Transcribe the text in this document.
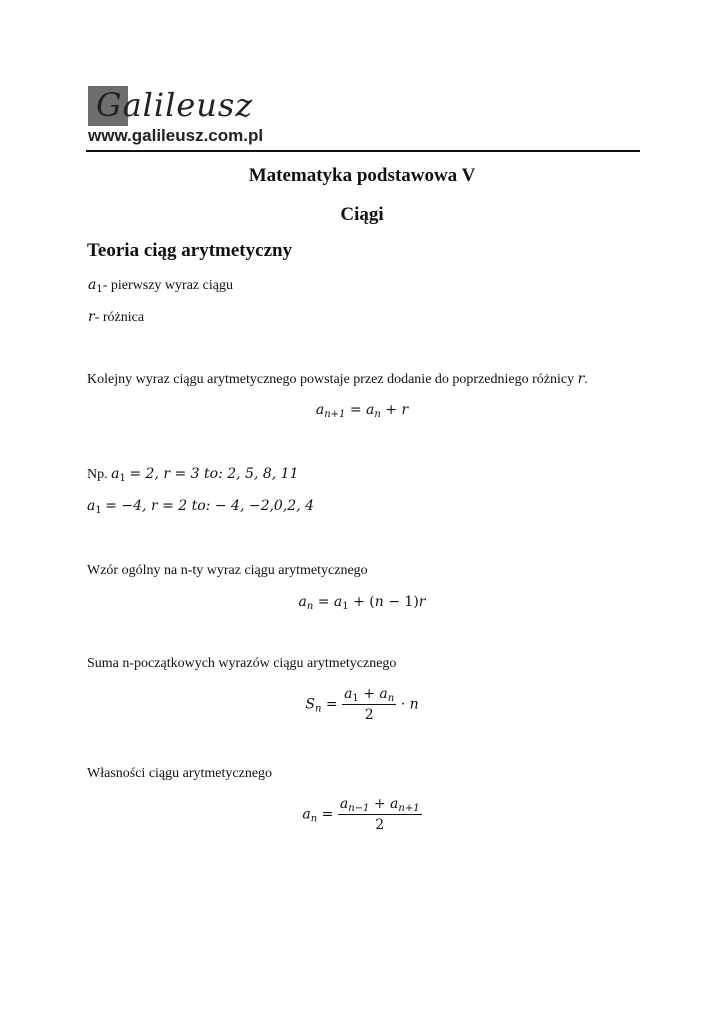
Galileusz
www.galileusz.com.pl
Matematyka podstawowa V
Ciągi
Teoria ciąg arytmetyczny
$a_1-$ pierwszy wyraz ciągu
r- różnica
Kolejny wyraz ciągu arytmetycznego powstaje przez dodanie do poprzedniego różnicy r.
$a_{n+1} = a_n + r$
Np. $a_1 = 2$, r = 3 to: 2, 5, 8, 11
$a_1 = -4$, r = 2 to: − 4, −2,0,2, 4
Wzór ogólny na n-ty wyraz ciągu arytmetycznego
$a_n = a_1 + (n - 1)r$
Suma n-początkowych wyrazów ciągu arytmetycznego
$S_n = \frac{a_1 + a_n}{2} \cdot n$
Własności ciągu arytmetycznego
$a_n = \frac{a_{n-1} + a_{n+1}}{2}$
